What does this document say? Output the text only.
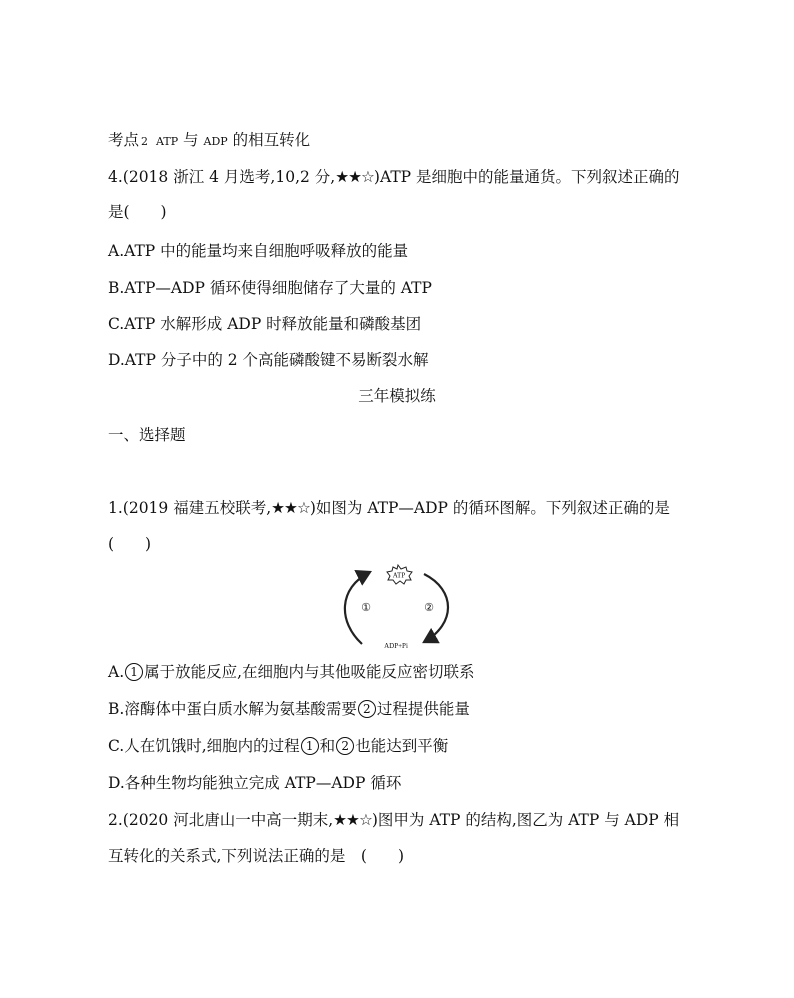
考点 2 ATP 与 ADP 的相互转化
4.(2018 浙江 4 月选考,10,2 分,★★☆)ATP 是细胞中的能量通货。下列叙述正确的
是(　　)
A.ATP 中的能量均来自细胞呼吸释放的能量
B.ATP—ADP 循环使得细胞储存了大量的 ATP
C.ATP 水解形成 ADP 时释放能量和磷酸基团
D.ATP 分子中的 2 个高能磷酸键不易断裂水解
三年模拟练
一、选择题
1.(2019 福建五校联考,★★☆)如图为 ATP—ADP 的循环图解。下列叙述正确的是
(　　)
ATP
①	②
ADP+Pi
A. 1 属于放能反应,在细胞内与其他吸能反应密切联系
B.溶酶体中蛋白质水解为氨基酸需要 2 过程提供能量
C.人在饥饿时,细胞内的过程 1 和 2 也能达到平衡
D.各种生物均能独立完成 ATP—ADP 循环
2.(2020 河北唐山一中高一期末,★★☆)图甲为 ATP 的结构,图乙为 ATP 与 ADP 相
互转化的关系式,下列说法正确的是　(　　)
